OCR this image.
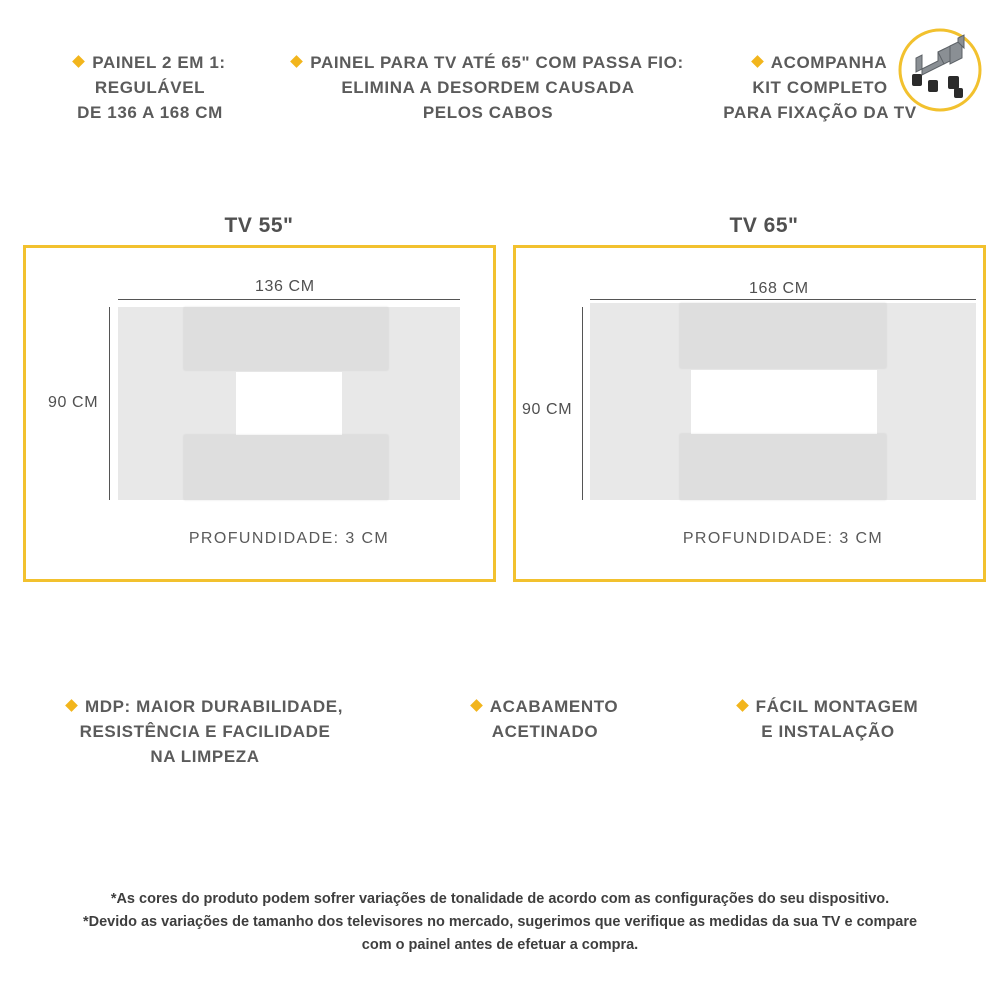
PAINEL 2 EM 1:
REGULÁVEL
DE 136 A 168 CM
PAINEL PARA TV ATÉ 65" COM PASSA FIO:
ELIMINA A DESORDEM CAUSADA
PELOS CABOS
ACOMPANHA
KIT COMPLETO
PARA FIXAÇÃO DA TV
TV 55"	TV 65"
136 CM
90 CM
PROFUNDIDADE: 3 CM
168 CM
90 CM
PROFUNDIDADE: 3 CM
MDP: MAIOR DURABILIDADE,
RESISTÊNCIA E FACILIDADE
NA LIMPEZA
ACABAMENTO
ACETINADO
FÁCIL MONTAGEM
E INSTALAÇÃO
*As cores do produto podem sofrer variações de tonalidade de acordo com as configurações do seu dispositivo.
*Devido as variações de tamanho dos televisores no mercado, sugerimos que verifique as medidas da sua TV e compare
com o painel antes de efetuar a compra.
